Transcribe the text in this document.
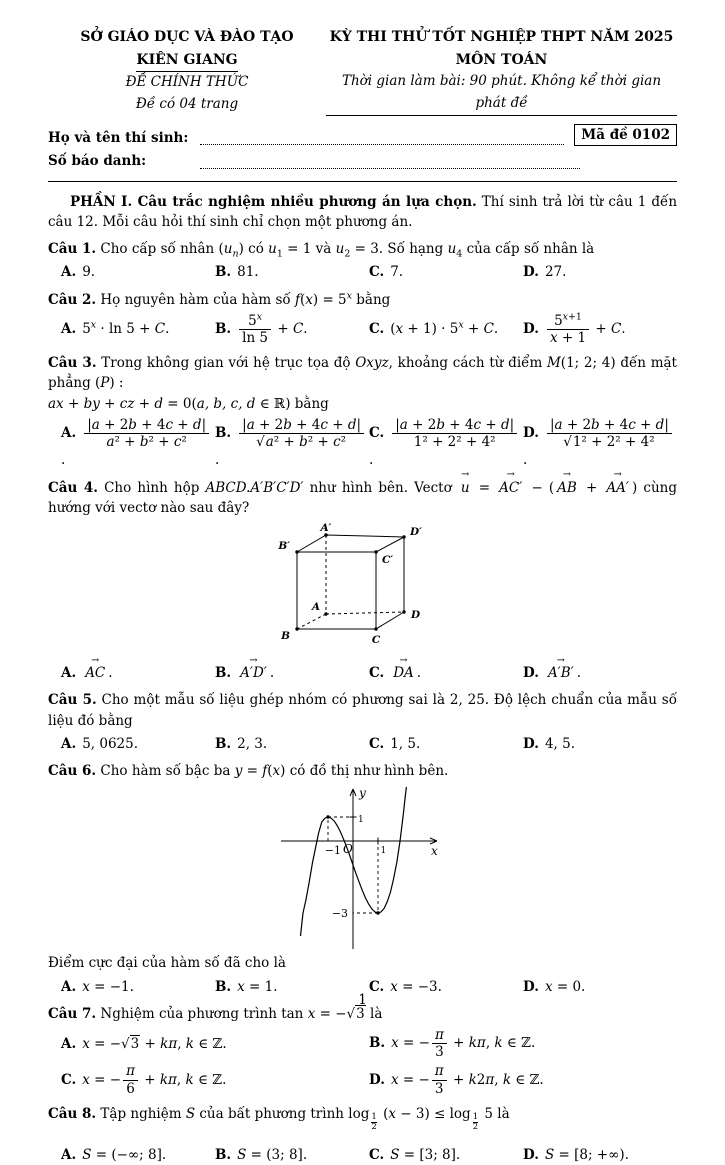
SỞ GIÁO DỤC VÀ ĐÀO TẠO
KIÊN GIANG
ĐỀ CHÍNH THỨC
Đề có 04 trang
KỲ THI THỬ TỐT NGHIỆP THPT NĂM 2025
MÔN TOÁN
Thời gian làm bài: 90 phút. Không kể thời gian phát đề
Họ và tên thí sinh:	Mã đề 0102
Số báo danh:

PHẦN I. Câu trắc nghiệm nhiều phương án lựa chọn. Thí sinh trả lời từ câu 1 đến câu 12. Mỗi câu hỏi thí sinh chỉ chọn một phương án.

Câu 1. Cho cấp số nhân $(u_n)$ có $u_1 = 1$ và $u_2 = 3$. Số hạng $u_4$ của cấp số nhân là

A. 9.	B. 81.	C. 7.	D. 27.

Câu 2. Họ nguyên hàm của hàm số $f(x) = 5^x$ bằng

A. $5^x \cdot \ln 5 + C$.	B. $\frac{5^x}{\ln 5} + C$.	C. $(x + 1) \cdot 5^x + C$.	D. $\frac{5^{x+1}}{x + 1} + C$.

Câu 3. Trong không gian với hệ trục tọa độ Oxyz, khoảng cách từ điểm M(1; 2; 4) đến mặt phẳng (P) :

ax + by + cz + d = 0(a, b, c, d ∈ ℝ) bằng

A. $\frac{|a + 2b + 4c + d|}{\text{a² + b² + c²}}$
.
B. |a + 2b + 4c + d|
√ a² + b² + c²
.
C. $\frac{|a + 2b + 4c + d|}{\text{1² + 2² + 4²}}$
.
D. |a + 2b + 4c + d|
√ 1² + 2² + 4²
.

Câu 4. Cho hình hộp ABCD.A′B′C′D′ như hình bên. Vectơ → u = → AC′ − ( → AB + → AA′ ) cùng hướng với vectơ nào sau đây?

A′
B′
C′
D′
A
B	C
D
A. → AC .	B. → A′D′ .	C. → DA .	D. → A′B′ .

Câu 5. Cho một mẫu số liệu ghép nhóm có phương sai là 2, 25. Độ lệch chuẩn của mẫu số liệu đó bằng

A. 5, 0625.	B. 2, 3.	C. 1, 5.	D. 4, 5.

Câu 6. Cho hàm số bậc ba y = f(x) có đồ thị như hình bên.

y
x
O
−1
1
1
−3

Điểm cực đại của hàm số đã cho là

A. x = −1.	B. x = 1.	C. x = −3.	D. x = 0.

Câu 7. Nghiệm của phương trình tan x = − √ 3 là

A. x = − √ 3 + kπ, k ∈ ℤ.	B. x = − $\frac{\pi}{3} + k\pi$, k ∈ ℤ.
C. x = − $\frac{\pi}{6} + k\pi$, k ∈ ℤ.	D. x = − $\frac{\pi}{3} + k2\pi$, k ∈ ℤ.

Câu 8. Tập nghiệm S của bất phương trình $\log \frac{1}{2} (x - 3) \le \log \frac{1}{2} 5$ là

A. S = (−∞; 8].	B. S = (3; 8].	C. S = [3; 8].	D. S = [8; +∞).
1
